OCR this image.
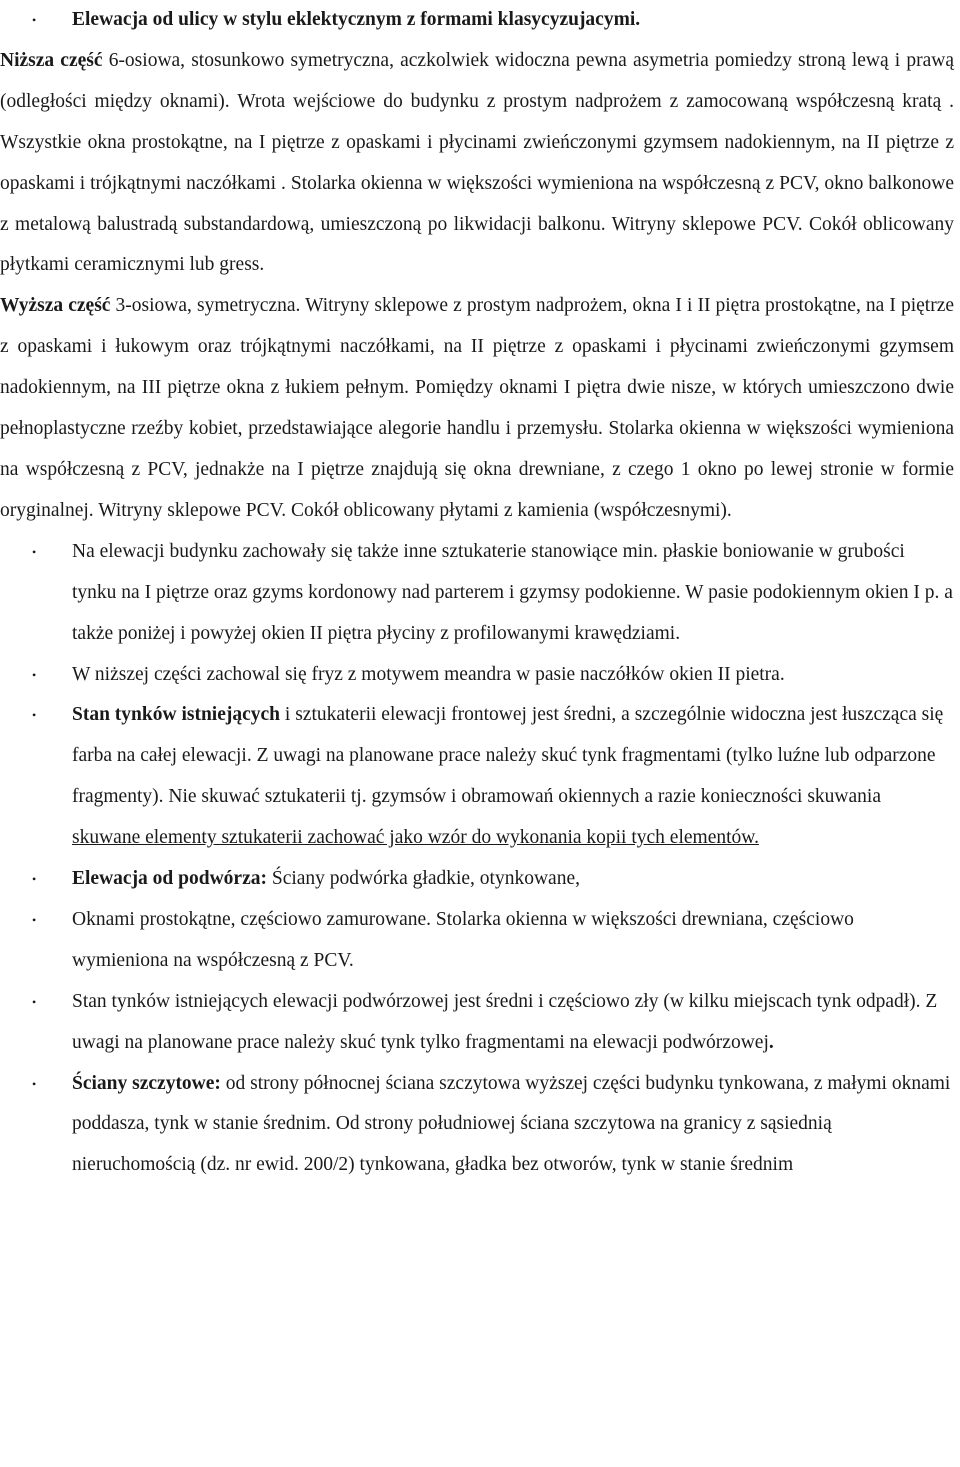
• Elewacja od ulicy w stylu eklektycznym z formami klasycyzujacymi.

Niższa część 6-osiowa, stosunkowo symetryczna, aczkolwiek widoczna pewna asymetria pomiedzy stroną lewą i prawą (odległości między oknami). Wrota wejściowe do budynku z prostym nadprożem z zamocowaną współczesną kratą . Wszystkie okna prostokątne, na I piętrze z opaskami i płycinami zwieńczonymi gzymsem nadokiennym, na II piętrze z opaskami i trójkątnymi naczółkami . Stolarka okienna w większości wymieniona na współczesną z PCV, okno balkonowe z metalową balustradą substandardową, umieszczoną po likwidacji balkonu. Witryny sklepowe PCV. Cokół oblicowany płytkami ceramicznymi lub gress.

Wyższa część 3-osiowa, symetryczna. Witryny sklepowe z prostym nadprożem, okna I i II piętra prostokątne, na I piętrze z opaskami i łukowym oraz trójkątnymi naczółkami, na II piętrze z opaskami i płycinami zwieńczonymi gzymsem nadokiennym, na III piętrze okna z łukiem pełnym. Pomiędzy oknami I piętra dwie nisze, w których umieszczono dwie pełnoplastyczne rzeźby kobiet, przedstawiające alegorie handlu i przemysłu. Stolarka okienna w większości wymieniona na współczesną z PCV, jednakże na I piętrze znajdują się okna drewniane, z czego 1 okno po lewej stronie w formie oryginalnej. Witryny sklepowe PCV. Cokół oblicowany płytami z kamienia (współczesnymi).

• Na elewacji budynku zachowały się także inne sztukaterie stanowiące min. płaskie boniowanie w grubości tynku na I piętrze oraz gzyms kordonowy nad parterem i gzymsy podokienne. W pasie podokiennym okien I p. a także poniżej i powyżej okien II piętra płyciny z profilowanymi krawędziami.
• W niższej części zachowal się fryz z motywem meandra w pasie naczółków okien II pietra.
• Stan tynków istniejących i sztukaterii elewacji frontowej jest średni, a szczególnie widoczna jest łuszcząca się farba na całej elewacji. Z uwagi na planowane prace należy skuć tynk fragmentami (tylko luźne lub odparzone fragmenty). Nie skuwać sztukaterii tj. gzymsów i obramowań okiennych a razie konieczności skuwania skuwane elementy sztukaterii zachować jako wzór do wykonania kopii tych elementów.
• Elewacja od podwórza: Ściany podwórka gładkie, otynkowane,
• Oknami prostokątne, częściowo zamurowane. Stolarka okienna w większości drewniana, częściowo wymieniona na współczesną z PCV.
• Stan tynków istniejących elewacji podwórzowej jest średni i częściowo zły (w kilku miejscach tynk odpadł). Z uwagi na planowane prace należy skuć tynk tylko fragmentami na elewacji podwórzowej.
• Ściany szczytowe: od strony północnej ściana szczytowa wyższej części budynku tynkowana, z małymi oknami poddasza, tynk w stanie średnim. Od strony południowej ściana szczytowa na granicy z sąsiednią nieruchomością (dz. nr ewid. 200/2) tynkowana, gładka bez otworów, tynk w stanie średnim
